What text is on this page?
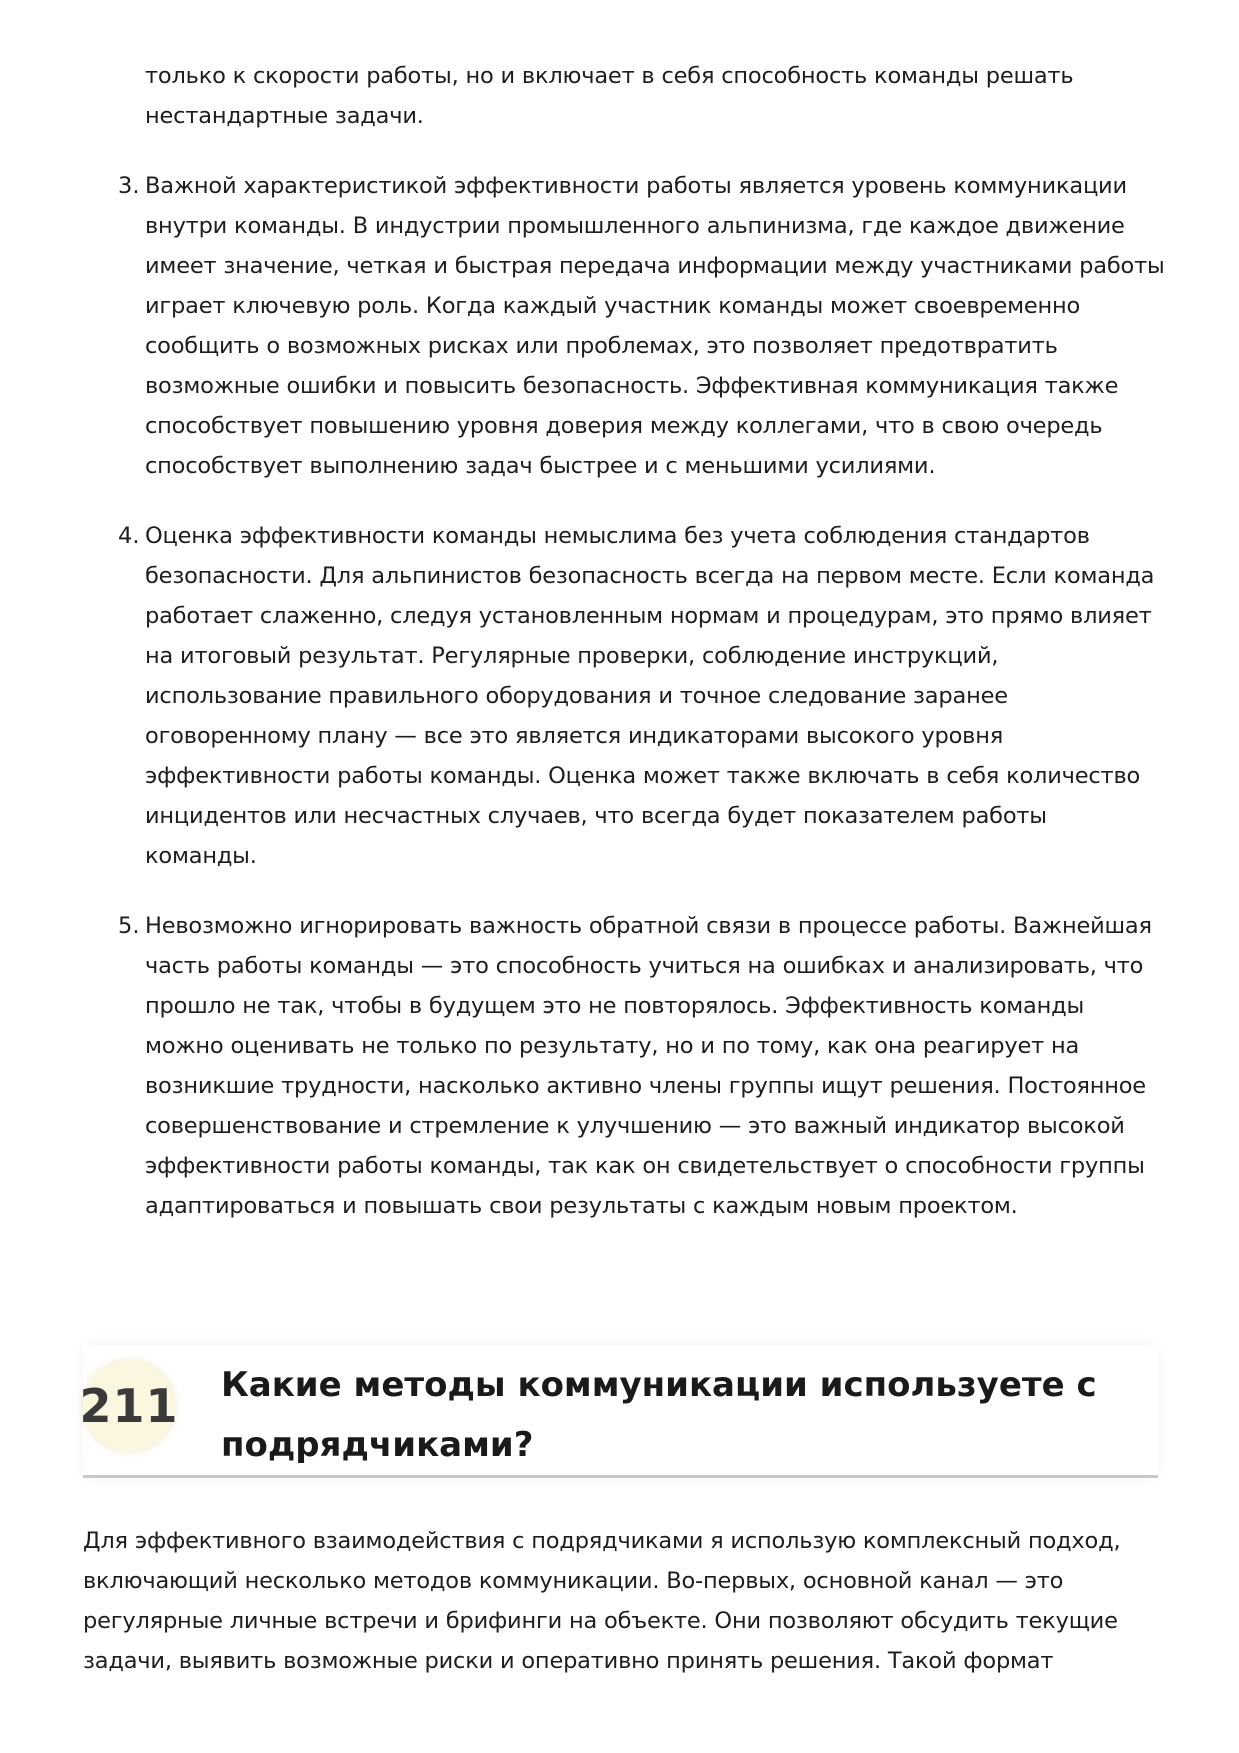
только к скорости работы, но и включает в себя способность команды решать нестандартные задачи.
3. Важной характеристикой эффективности работы является уровень коммуникации внутри команды. В индустрии промышленного альпинизма, где каждое движение имеет значение, четкая и быстрая передача информации между участниками работы играет ключевую роль. Когда каждый участник команды может своевременно сообщить о возможных рисках или проблемах, это позволяет предотвратить возможные ошибки и повысить безопасность. Эффективная коммуникация также способствует повышению уровня доверия между коллегами, что в свою очередь способствует выполнению задач быстрее и с меньшими усилиями.
4. Оценка эффективности команды немыслима без учета соблюдения стандартов безопасности. Для альпинистов безопасность всегда на первом месте. Если команда работает слаженно, следуя установленным нормам и процедурам, это прямо влияет на итоговый результат. Регулярные проверки, соблюдение инструкций, использование правильного оборудования и точное следование заранее оговоренному плану — все это является индикаторами высокого уровня эффективности работы команды. Оценка может также включать в себя количество инцидентов или несчастных случаев, что всегда будет показателем работы команды.
5. Невозможно игнорировать важность обратной связи в процессе работы. Важнейшая часть работы команды — это способность учиться на ошибках и анализировать, что прошло не так, чтобы в будущем это не повторялось. Эффективность команды можно оценивать не только по результату, но и по тому, как она реагирует на возникшие трудности, насколько активно члены группы ищут решения. Постоянное совершенствование и стремление к улучшению — это важный индикатор высокой эффективности работы команды, так как он свидетельствует о способности группы адаптироваться и повышать свои результаты с каждым новым проектом.
211 Какие методы коммуникации используете с подрядчиками?
Для эффективного взаимодействия с подрядчиками я использую комплексный подход, включающий несколько методов коммуникации. Во-первых, основной канал — это регулярные личные встречи и брифинги на объекте. Они позволяют обсудить текущие задачи, выявить возможные риски и оперативно принять решения. Такой формат
